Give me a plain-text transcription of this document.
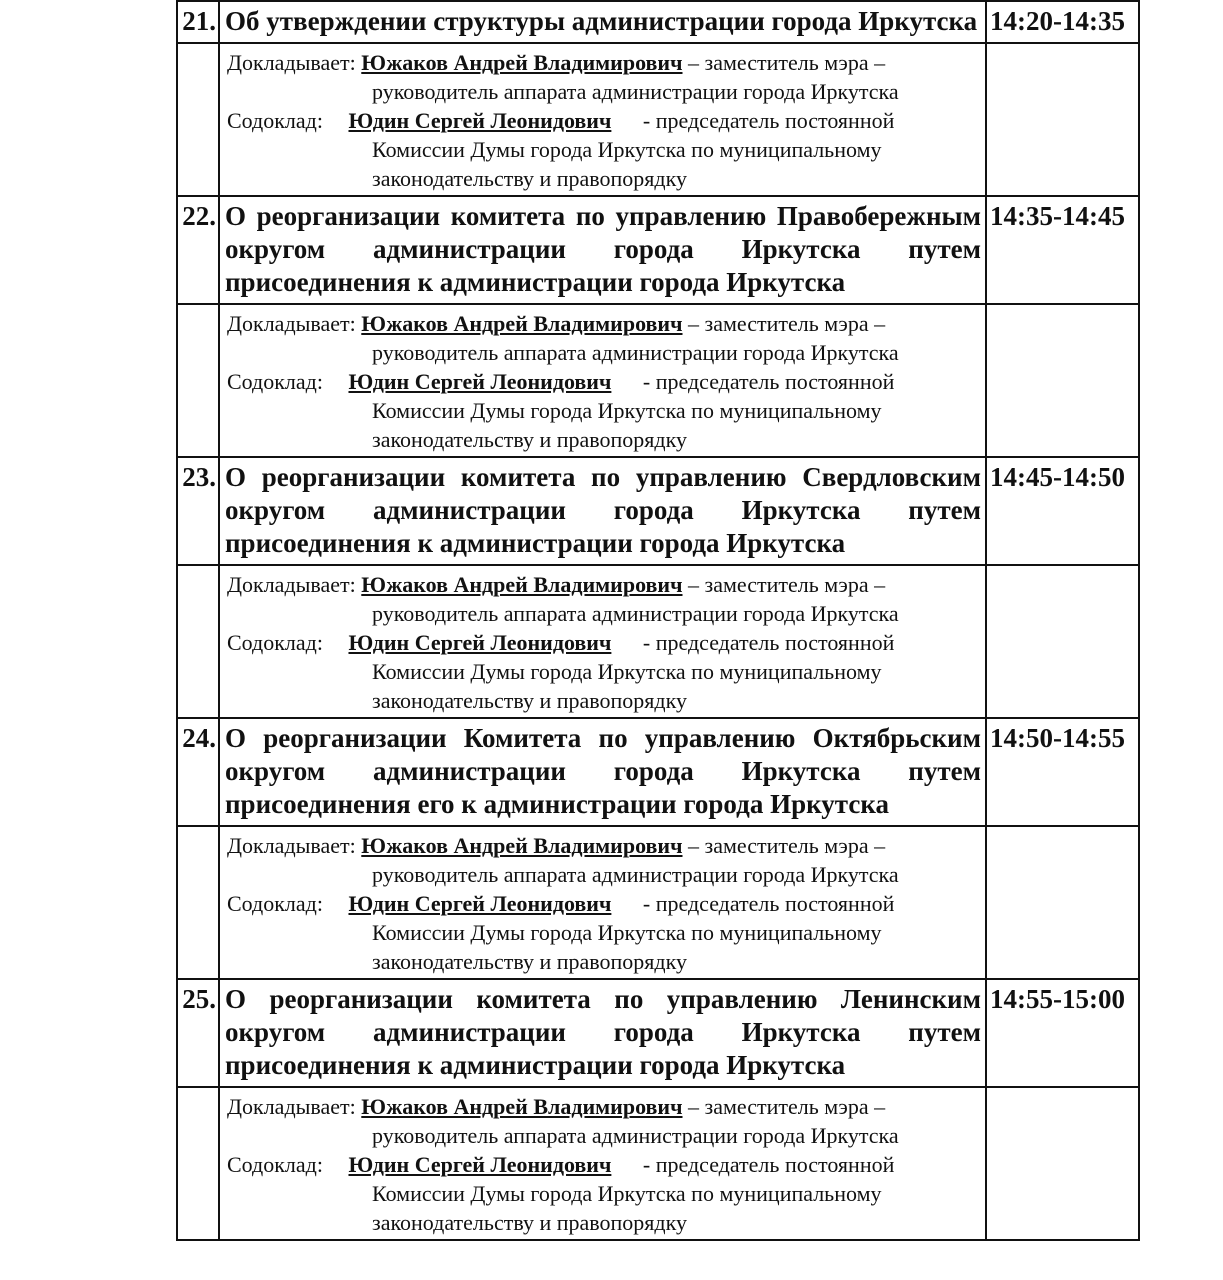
21.	Об утверждении структуры администрации города Иркутска	14:20-14:35

	Докладывает: Южаков Андрей Владимирович – заместитель мэра –
руководитель аппарата администрации города Иркутска
Содоклад: Юдин Сергей Леонидович - председатель постоянной
Комиссии Думы города Иркутска по муниципальному
законодательству и правопорядку	

22.	О реорганизации комитета по управлению Правобережным округом администрации города Иркутска путем присоединения к администрации города Иркутска	14:35-14:45

	Докладывает: Южаков Андрей Владимирович – заместитель мэра –
руководитель аппарата администрации города Иркутска
Содоклад: Юдин Сергей Леонидович - председатель постоянной
Комиссии Думы города Иркутска по муниципальному
законодательству и правопорядку	

23.	О реорганизации комитета по управлению Свердловским округом администрации города Иркутска путем присоединения к администрации города Иркутска	14:45-14:50

	Докладывает: Южаков Андрей Владимирович – заместитель мэра –
руководитель аппарата администрации города Иркутска
Содоклад: Юдин Сергей Леонидович - председатель постоянной
Комиссии Думы города Иркутска по муниципальному
законодательству и правопорядку	

24.	О реорганизации Комитета по управлению Октябрьским округом администрации города Иркутска путем присоединения его к администрации города Иркутска	14:50-14:55

	Докладывает: Южаков Андрей Владимирович – заместитель мэра –
руководитель аппарата администрации города Иркутска
Содоклад: Юдин Сергей Леонидович - председатель постоянной
Комиссии Думы города Иркутска по муниципальному
законодательству и правопорядку	

25.	О реорганизации комитета по управлению Ленинским округом администрации города Иркутска путем присоединения к администрации города Иркутска	14:55-15:00

	Докладывает: Южаков Андрей Владимирович – заместитель мэра –
руководитель аппарата администрации города Иркутска
Содоклад: Юдин Сергей Леонидович - председатель постоянной
Комиссии Думы города Иркутска по муниципальному
законодательству и правопорядку	
